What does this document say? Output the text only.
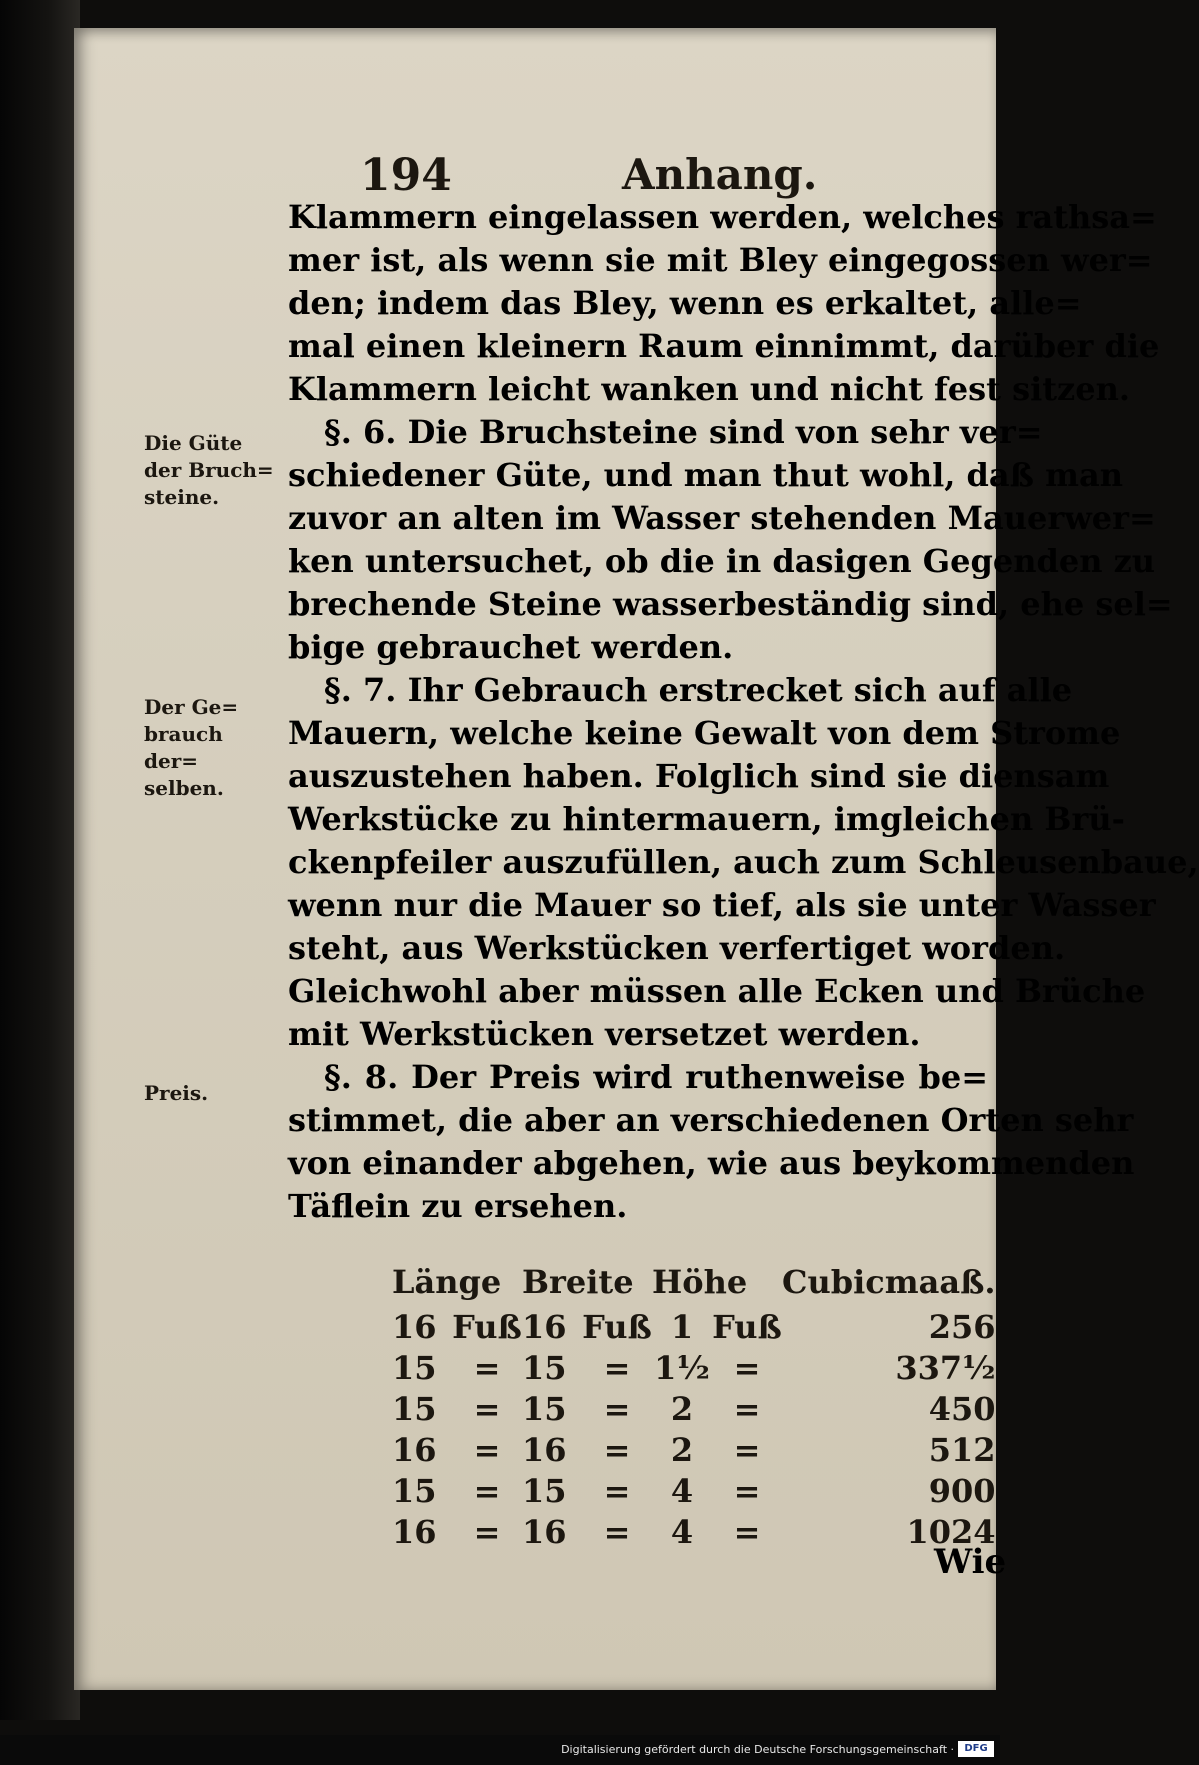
194	Anhang.
Die Güte
der Bruch=
steine.
Der Ge=
brauch der=
selben.
Preis.
Klammern eingelassen werden, welches rathsa=
mer ist, als wenn sie mit Bley eingegossen wer=
den; indem das Bley, wenn es erkaltet, alle=
mal einen kleinern Raum einnimmt, darüber die
Klammern leicht wanken und nicht fest sitzen.
§. 6. Die Bruchsteine sind von sehr ver=
schiedener Güte, und man thut wohl, daß man
zuvor an alten im Wasser stehenden Mauerwer=
ken untersuchet, ob die in dasigen Gegenden zu
brechende Steine wasserbeständig sind, ehe sel=
bige gebrauchet werden.
§. 7. Ihr Gebrauch erstrecket sich auf alle
Mauern, welche keine Gewalt von dem Strome
auszustehen haben. Folglich sind sie diensam
Werkstücke zu hintermauern, imgleichen Brü-
ckenpfeiler auszufüllen, auch zum Schleusenbaue,
wenn nur die Mauer so tief, als sie unter Wasser
steht, aus Werkstücken verfertiget worden.
Gleichwohl aber müssen alle Ecken und Brüche
mit Werkstücken versetzet werden.
§. 8. Der Preis wird ruthenweise be=
stimmet, die aber an verschiedenen Orten sehr
von einander abgehen, wie aus beykommenden
Täflein zu ersehen.
Länge	Breite	Höhe	Cubicmaaß.
16 Fuß	16 Fuß	1 Fuß	256
15 =	15 =	1½ =	337½
15 =	15 =	2 =	450
16 =	16 =	2 =	512
15 =	15 =	4 =	900
16 =	16 =	4 =	1024
Wie
Digitalisierung gefördert durch die Deutsche Forschungsgemeinschaft ·	DFG
